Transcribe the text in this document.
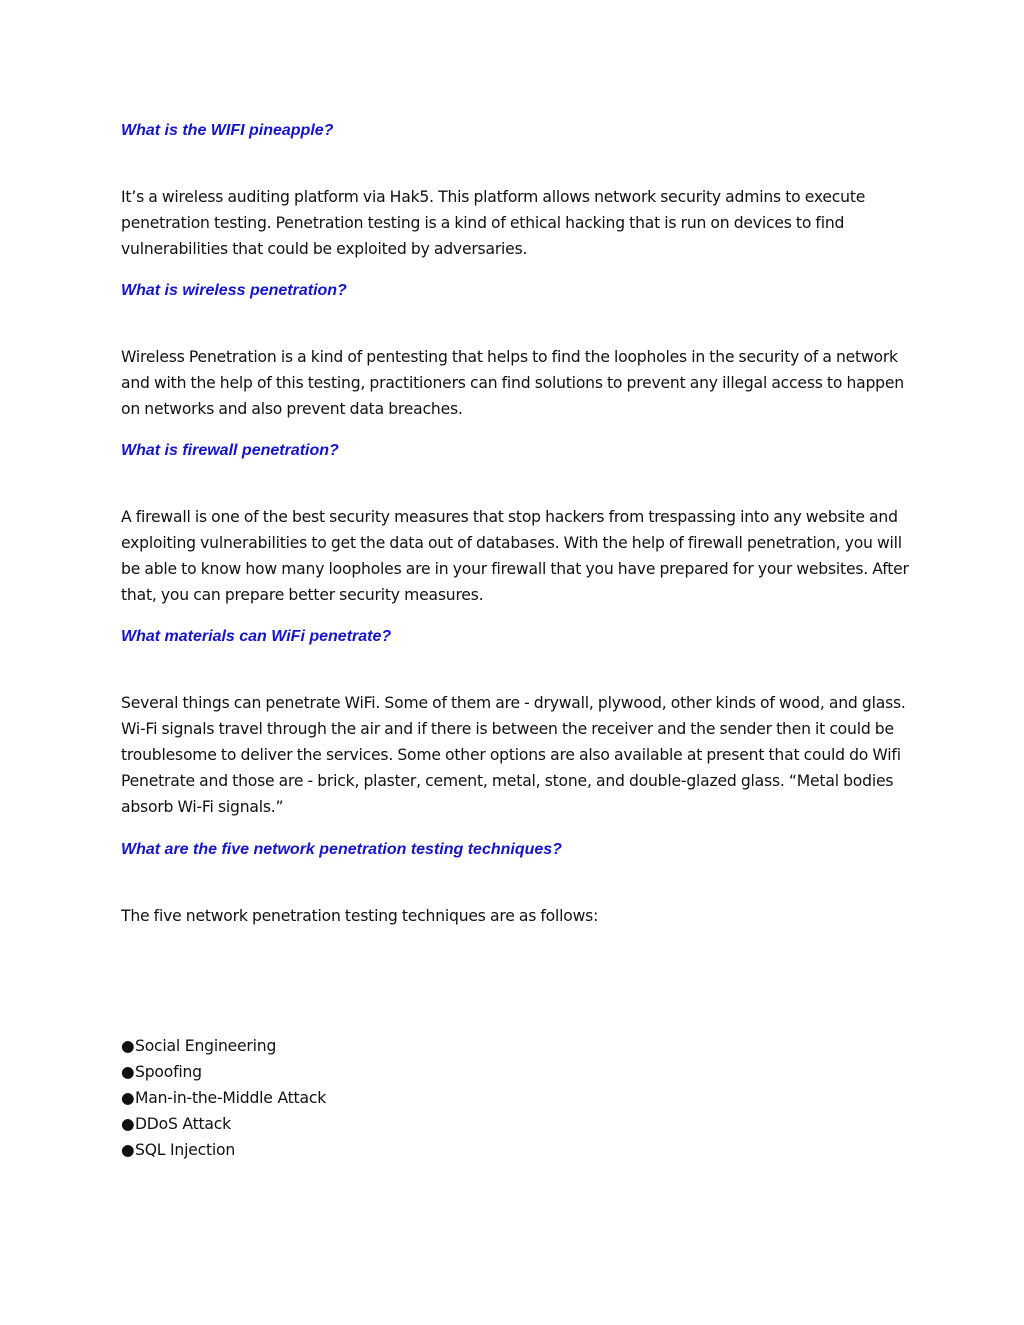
What is the WIFI pineapple?

It’s a wireless auditing platform via Hak5. This platform allows network security admins to execute penetration testing. Penetration testing is a kind of ethical hacking that is run on devices to find vulnerabilities that could be exploited by adversaries.

What is wireless penetration?

Wireless Penetration is a kind of pentesting that helps to find the loopholes in the security of a network and with the help of this testing, practitioners can find solutions to prevent any illegal access to happen on networks and also prevent data breaches.

What is firewall penetration?

A firewall is one of the best security measures that stop hackers from trespassing into any website and exploiting vulnerabilities to get the data out of databases. With the help of firewall penetration, you will be able to know how many loopholes are in your firewall that you have prepared for your websites. After that, you can prepare better security measures.

What materials can WiFi penetrate?

Several things can penetrate WiFi. Some of them are - drywall, plywood, other kinds of wood, and glass. Wi-Fi signals travel through the air and if there is between the receiver and the sender then it could be troublesome to deliver the services. Some other options are also available at present that could do Wifi Penetrate and those are - brick, plaster, cement, metal, stone, and double-glazed glass. “Metal bodies absorb Wi-Fi signals.”

What are the five network penetration testing techniques?

The five network penetration testing techniques are as follows:

●Social Engineering
●Spoofing
●Man-in-the-Middle Attack
●DDoS Attack
●SQL Injection
